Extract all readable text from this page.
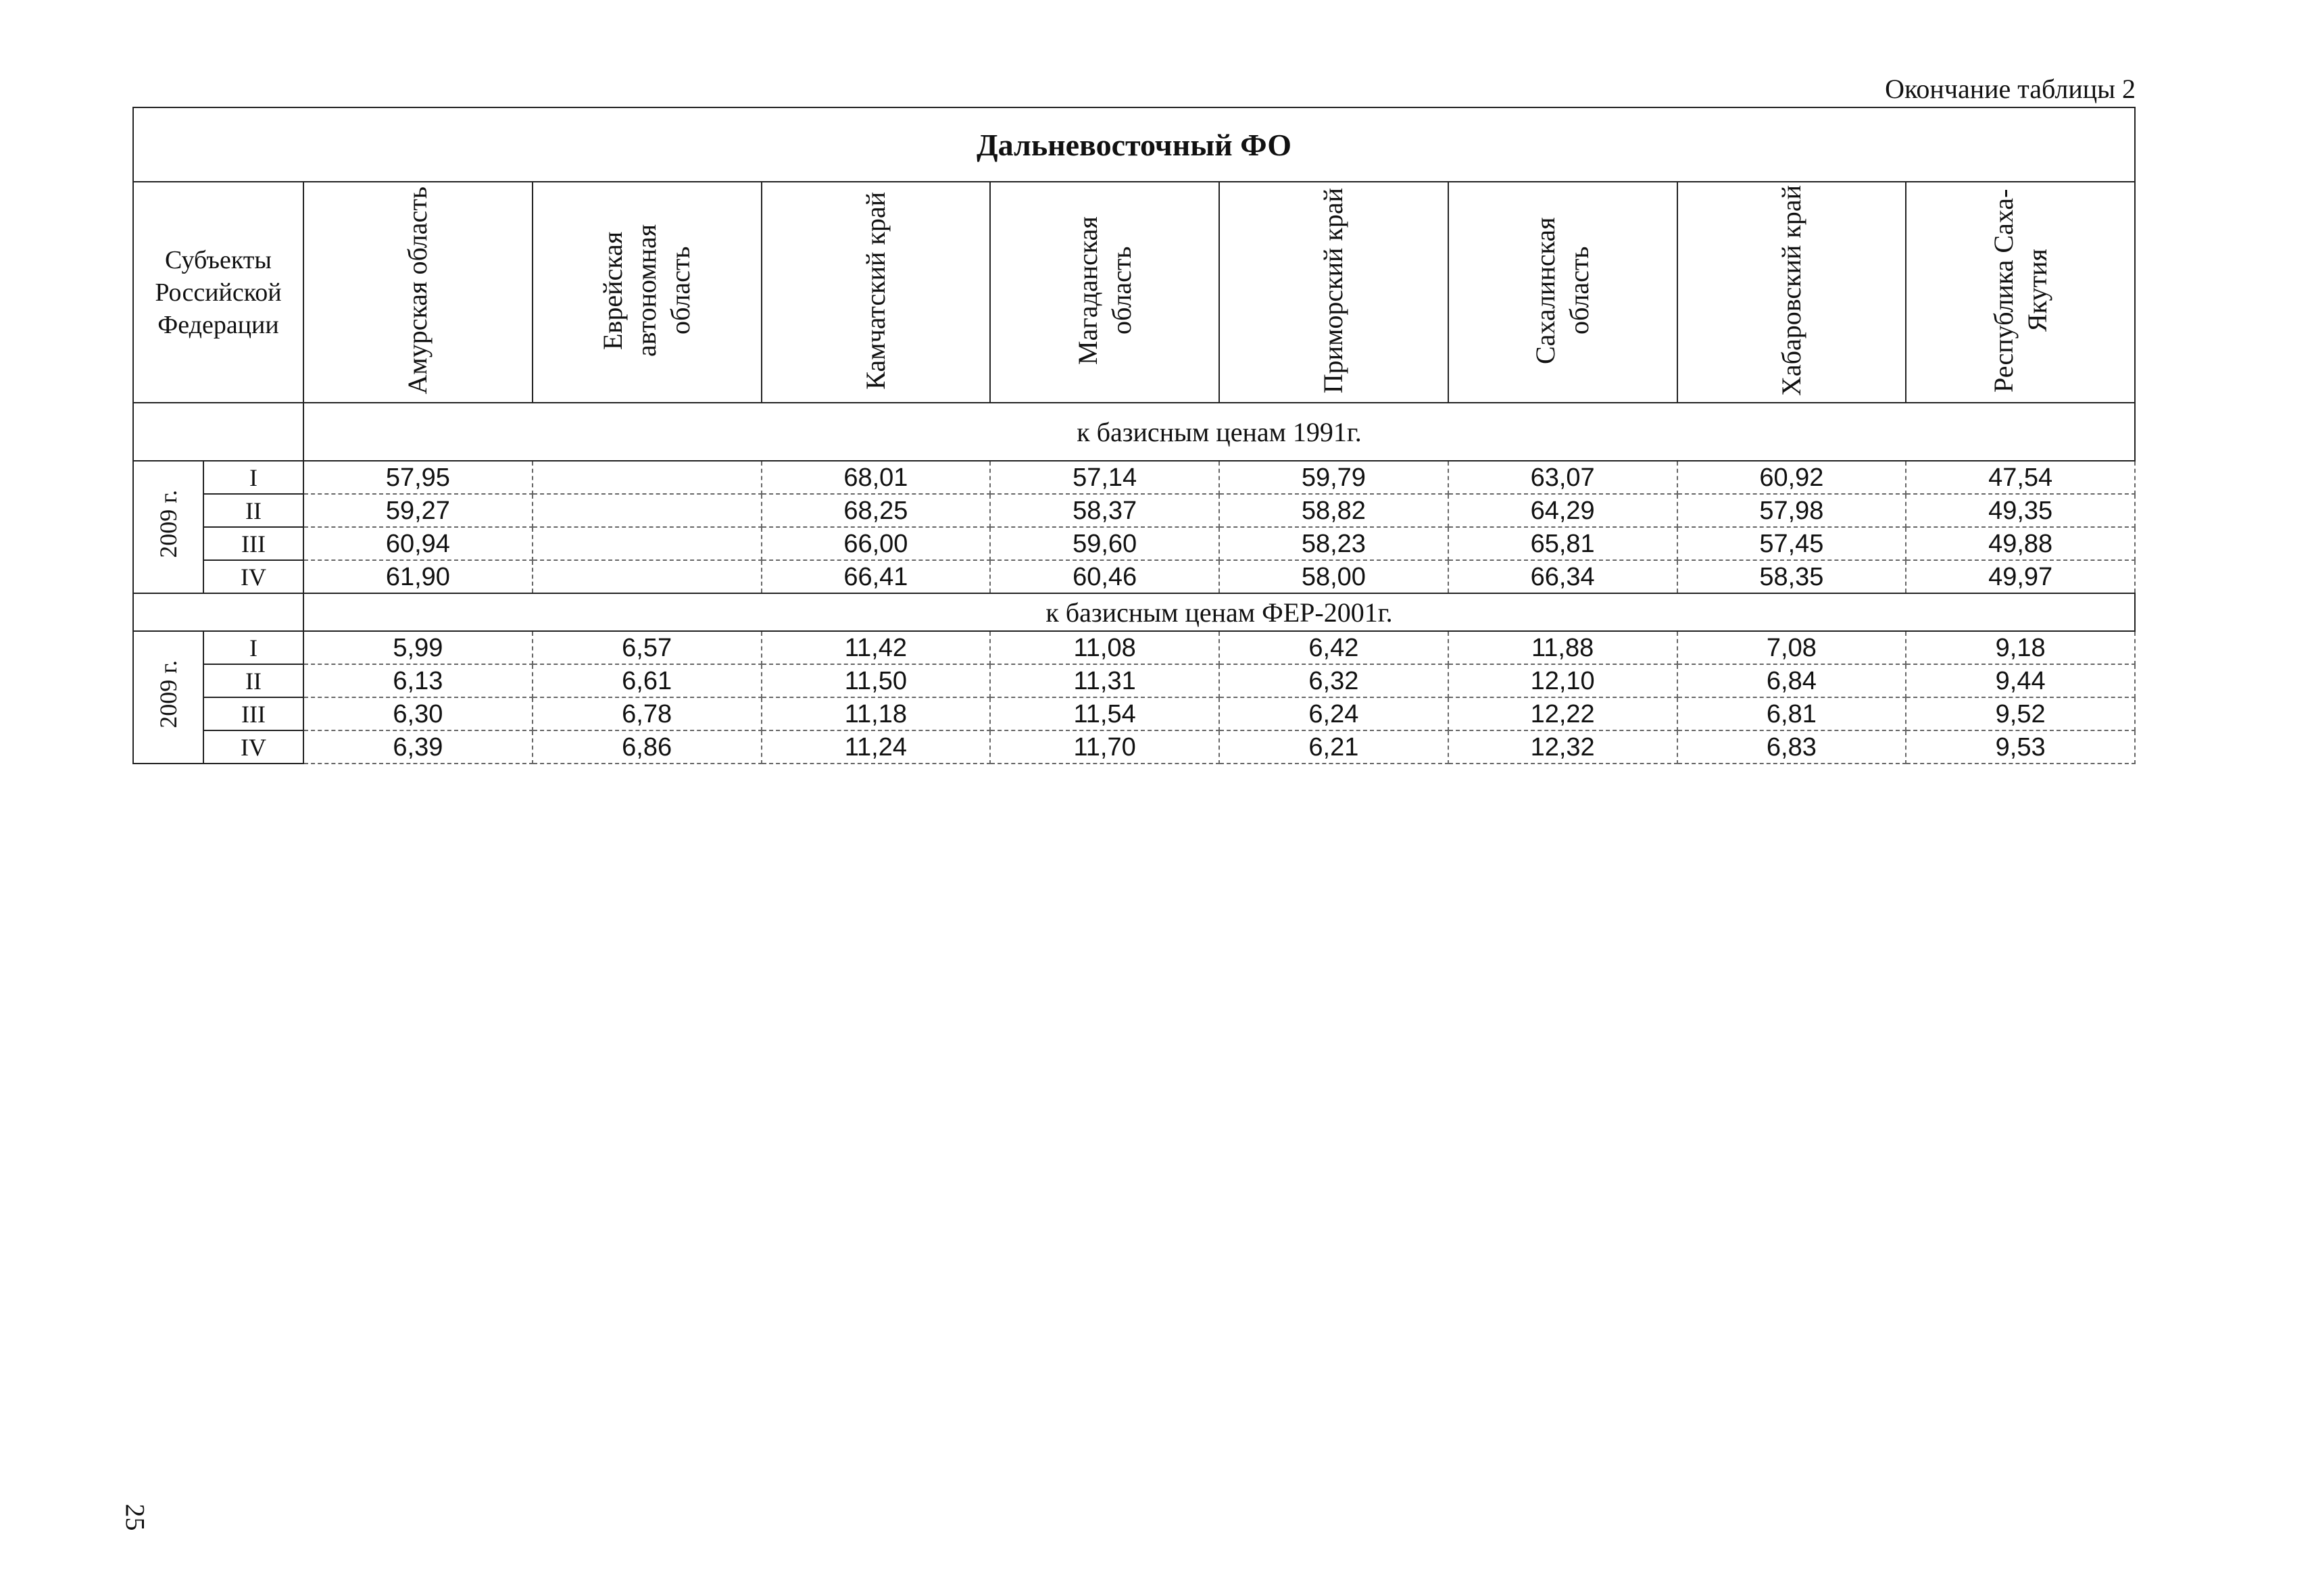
Окончание таблицы 2
Дальневосточный ФО									
Субъекты Российской Федерации		Амурская область	Еврейская автономная область	Камчатский край	Магаданская область	Приморский край	Сахалинская область	Хабаровский край	Республика Саха-Якутия
		к базисным ценам 1991г.							
2009 г.	I	57,95		68,01	57,14	59,79	63,07	60,92	47,54
	II	59,27		68,25	58,37	58,82	64,29	57,98	49,35
	III	60,94		66,00	59,60	58,23	65,81	57,45	49,88
	IV	61,90		66,41	60,46	58,00	66,34	58,35	49,97
		к базисным ценам ФЕР-2001г.							
2009 г.	I	5,99	6,57	11,42	11,08	6,42	11,88	7,08	9,18
	II	6,13	6,61	11,50	11,31	6,32	12,10	6,84	9,44
	III	6,30	6,78	11,18	11,54	6,24	12,22	6,81	9,52
	IV	6,39	6,86	11,24	11,70	6,21	12,32	6,83	9,53
25
